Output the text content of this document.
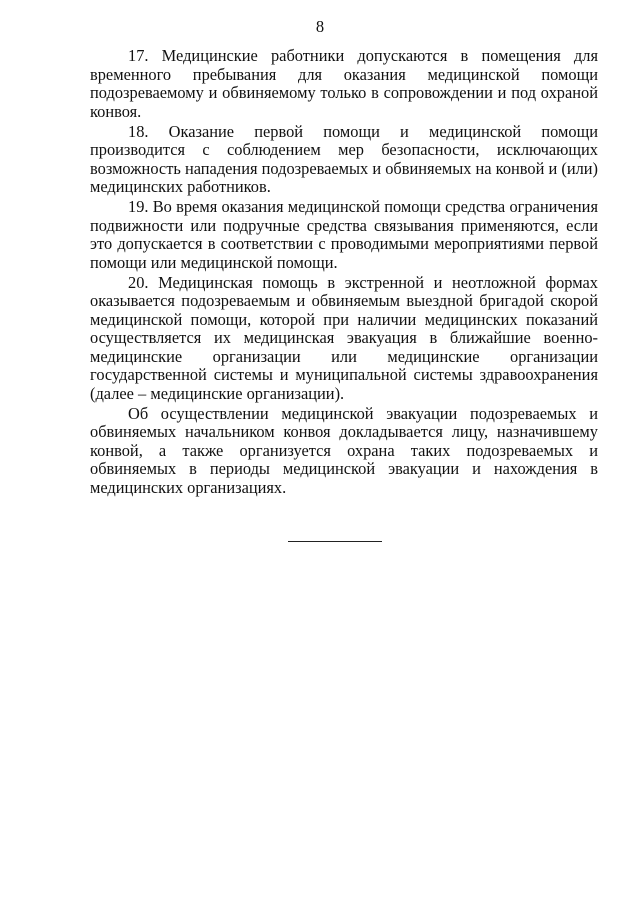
8

17. Медицинские работники допускаются в помещения для временного пребывания для оказания медицинской помощи подозреваемому и обвиняемому только в сопровождении и под охраной конвоя.

18. Оказание первой помощи и медицинской помощи производится с соблюдением мер безопасности, исключающих возможность нападения подозреваемых и обвиняемых на конвой и (или) медицинских работников.

19. Во время оказания медицинской помощи средства ограничения подвижности или подручные средства связывания применяются, если это допускается в соответствии с проводимыми мероприятиями первой помощи или медицинской помощи.

20. Медицинская помощь в экстренной и неотложной формах оказывается подозреваемым и обвиняемым выездной бригадой скорой медицинской помощи, которой при наличии медицинских показаний осуществляется их медицинская эвакуация в ближайшие военно-медицинские организации или медицинские организации государственной системы и муниципальной системы здравоохранения (далее – медицинские организации).

Об осуществлении медицинской эвакуации подозреваемых и обвиняемых начальником конвоя докладывается лицу, назначившему конвой, а также организуется охрана таких подозреваемых и обвиняемых в периоды медицинской эвакуации и нахождения в медицинских организациях.
